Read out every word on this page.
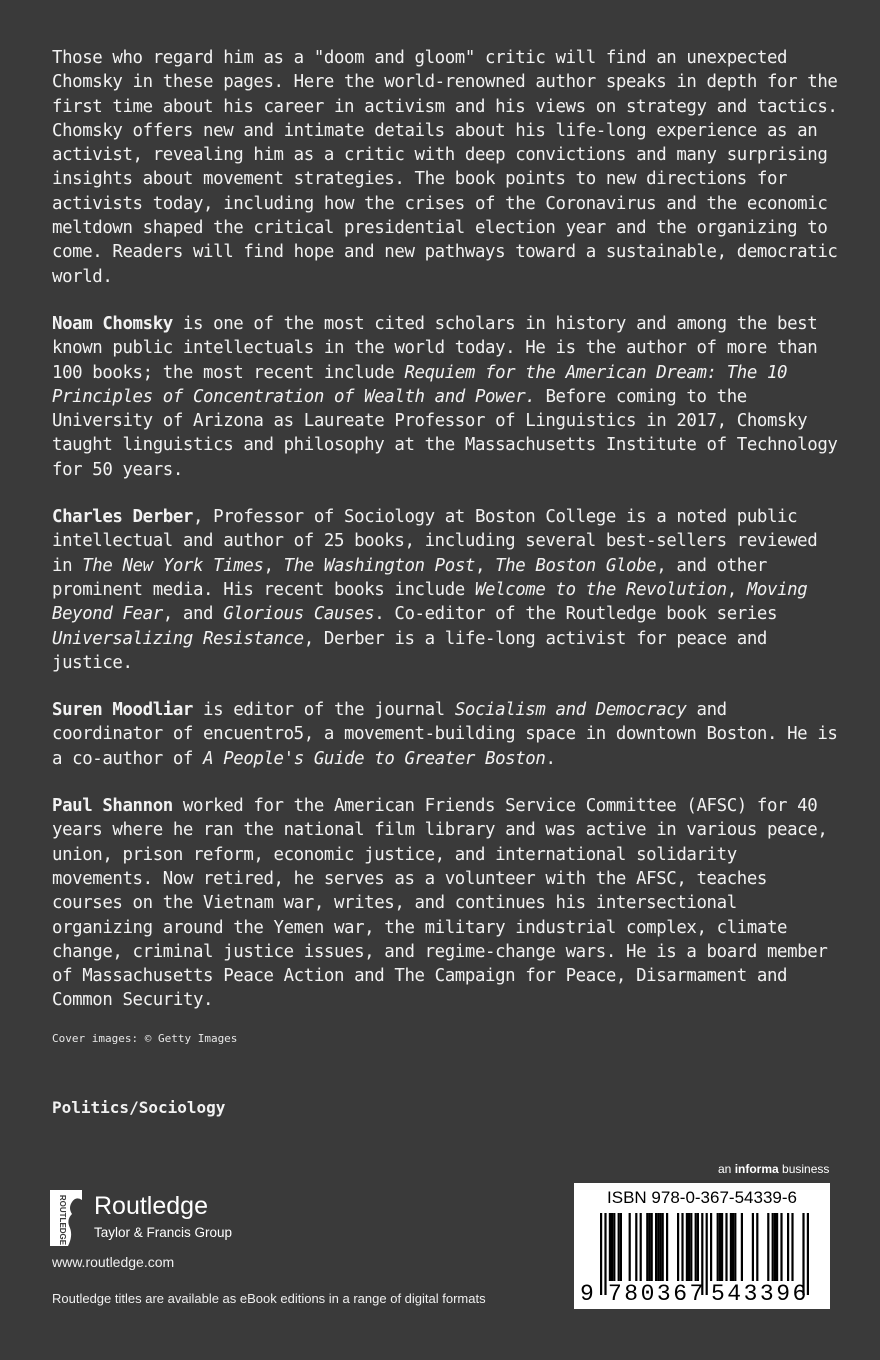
Those who regard him as a "doom and gloom" critic will find an unexpected Chomsky in these pages. Here the world-renowned author speaks in depth for the first time about his career in activism and his views on strategy and tactics. Chomsky offers new and intimate details about his life-long experience as an activist, revealing him as a critic with deep convictions and many surprising insights about movement strategies. The book points to new directions for activists today, including how the crises of the Coronavirus and the economic meltdown shaped the critical presidential election year and the organizing to come. Readers will find hope and new pathways toward a sustainable, democratic world.

Noam Chomsky is one of the most cited scholars in history and among the best known public intellectuals in the world today. He is the author of more than 100 books; the most recent include Requiem for the American Dream: The 10 Principles of Concentration of Wealth and Power. Before coming to the University of Arizona as Laureate Professor of Linguistics in 2017, Chomsky taught linguistics and philosophy at the Massachusetts Institute of Technology for 50 years.

Charles Derber, Professor of Sociology at Boston College is a noted public intellectual and author of 25 books, including several best-sellers reviewed in The New York Times, The Washington Post, The Boston Globe, and other prominent media. His recent books include Welcome to the Revolution, Moving Beyond Fear, and Glorious Causes. Co-editor of the Routledge book series Universalizing Resistance, Derber is a life-long activist for peace and justice.

Suren Moodliar is editor of the journal Socialism and Democracy and coordinator of encuentro5, a movement-building space in downtown Boston. He is a co-author of A People's Guide to Greater Boston.

Paul Shannon worked for the American Friends Service Committee (AFSC) for 40 years where he ran the national film library and was active in various peace, union, prison reform, economic justice, and international solidarity movements. Now retired, he serves as a volunteer with the AFSC, teaches courses on the Vietnam war, writes, and continues his intersectional organizing around the Yemen war, the military industrial complex, climate change, criminal justice issues, and regime-change wars. He is a board member of Massachusetts Peace Action and The Campaign for Peace, Disarmament and Common Security.

Cover images: © Getty Images
Politics/Sociology
ROUTLEDGE Routledge
Taylor & Francis Group
www.routledge.com
Routledge titles are available as eBook editions in a range of digital formats
an informa business
ISBN 978-0-367-54339-6
9 780367 543396
